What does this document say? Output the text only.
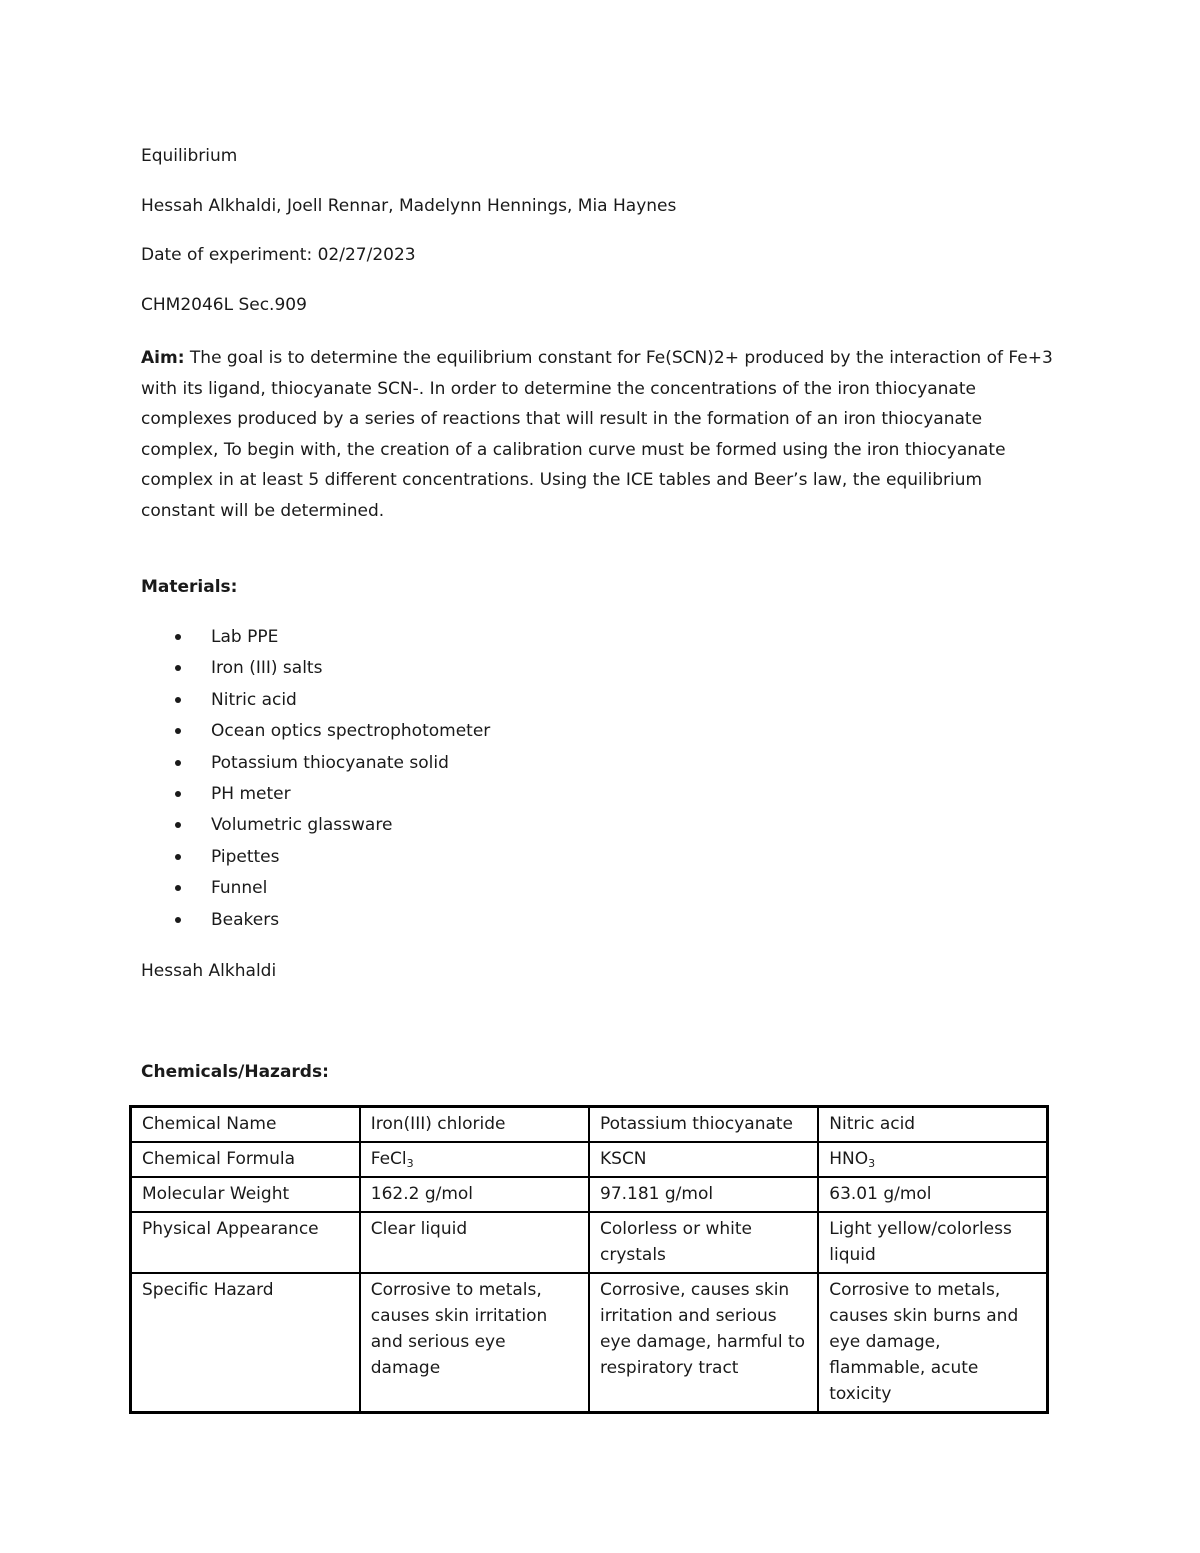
Equilibrium
Hessah Alkhaldi, Joell Rennar, Madelynn Hennings, Mia Haynes
Date of experiment: 02/27/2023
CHM2046L Sec.909
Aim: The goal is to determine the equilibrium constant for Fe(SCN)2+ produced by the interaction of Fe+3 with its ligand, thiocyanate SCN-. In order to determine the concentrations of the iron thiocyanate complexes produced by a series of reactions that will result in the formation of an iron thiocyanate complex, To begin with, the creation of a calibration curve must be formed using the iron thiocyanate complex in at least 5 different concentrations. Using the ICE tables and Beer’s law, the equilibrium constant will be determined.
Materials:
Lab PPE
Iron (III) salts
Nitric acid
Ocean optics spectrophotometer
Potassium thiocyanate solid
PH meter
Volumetric glassware
Pipettes
Funnel
Beakers
Hessah Alkhaldi
Chemicals/Hazards:
Chemical Name	Iron(III) chloride	Potassium thiocyanate	Nitric acid
Chemical Formula	FeCl$_3$	KSCN	$HNO_3$
Molecular Weight	162.2 g/mol	97.181 g/mol	63.01 g/mol
Physical Appearance	Clear liquid	Colorless or white crystals	Light yellow/colorless liquid
Specific Hazard	Corrosive to metals, causes skin irritation and serious eye damage	Corrosive, causes skin irritation and serious eye damage, harmful to respiratory tract	Corrosive to metals, causes skin burns and eye damage, flammable, acute toxicity
